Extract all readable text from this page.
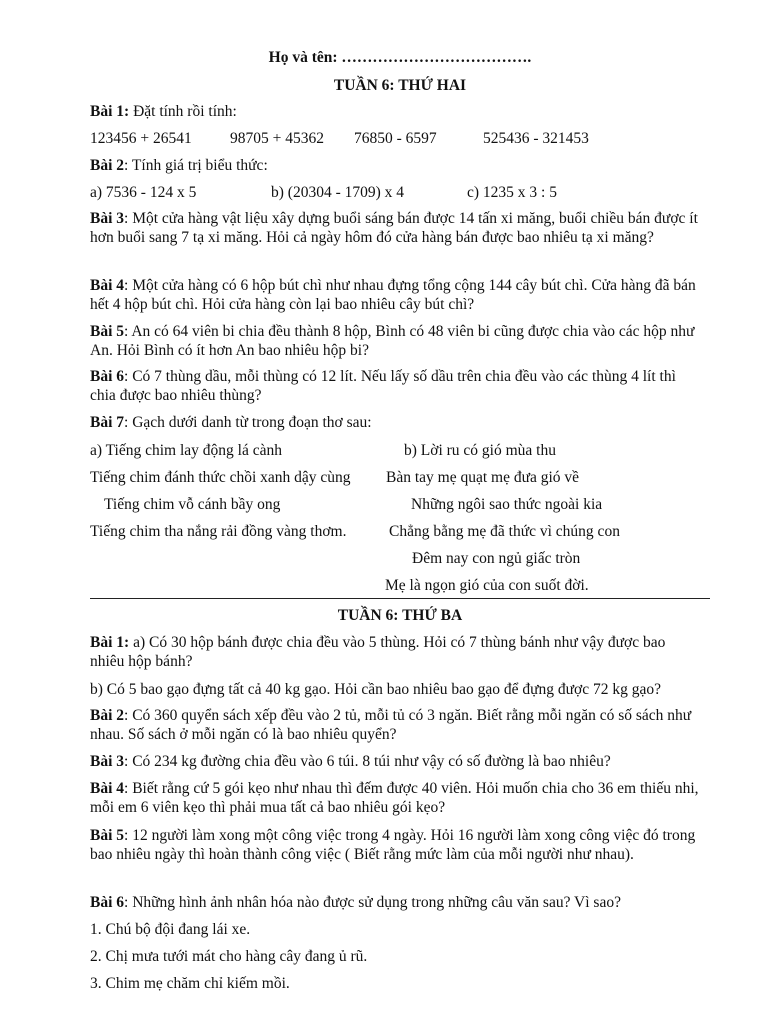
Họ và tên: ……………………………….
TUẦN 6: THỨ HAI
Bài 1: Đặt tính rồi tính:
123456 + 26541 98705 + 45362 76850 - 6597	525436 - 321453
Bài 2: Tính giá trị biểu thức:
a) 7536 - 124 x 5	b) (20304 - 1709) x 4	c) 1235 x 3 : 5
Bài 3: Một cửa hàng vật liệu xây dựng buổi sáng bán được 14 tấn xi măng, buổi chiều bán được ít hơn buổi sang 7 tạ xi măng. Hỏi cả ngày hôm đó cửa hàng bán được bao nhiêu tạ xi măng?
Bài 4: Một cửa hàng có 6 hộp bút chì như nhau đựng tổng cộng 144 cây bút chì. Cửa hàng đã bán hết 4 hộp bút chì. Hỏi cửa hàng còn lại bao nhiêu cây bút chì?
Bài 5: An có 64 viên bi chia đều thành 8 hộp, Bình có 48 viên bi cũng được chia vào các hộp như An. Hỏi Bình có ít hơn An bao nhiêu hộp bi?
Bài 6: Có 7 thùng dầu, mỗi thùng có 12 lít. Nếu lấy số dầu trên chia đều vào các thùng 4 lít thì chia được bao nhiêu thùng?
Bài 7: Gạch dưới danh từ trong đoạn thơ sau:
a) Tiếng chim lay động lá cành
Tiếng chim đánh thức chồi xanh dậy cùng
Tiếng chim vỗ cánh bầy ong
Tiếng chim tha nắng rải đồng vàng thơm.
b) Lời ru có gió mùa thu
Bàn tay mẹ quạt mẹ đưa gió về
Những ngôi sao thức ngoài kia
Chẳng bằng mẹ đã thức vì chúng con
Đêm nay con ngủ giấc tròn
Mẹ là ngọn gió của con suốt đời.
TUẦN 6: THỨ BA
Bài 1: a) Có 30 hộp bánh được chia đều vào 5 thùng. Hỏi có 7 thùng bánh như vậy được bao nhiêu hộp bánh?
b) Có 5 bao gạo đựng tất cả 40 kg gạo. Hỏi cần bao nhiêu bao gạo để đựng được 72 kg gạo?
Bài 2: Có 360 quyển sách xếp đều vào 2 tủ, mỗi tủ có 3 ngăn. Biết rằng mỗi ngăn có số sách như nhau. Số sách ở mỗi ngăn có là bao nhiêu quyển?
Bài 3: Có 234 kg đường chia đều vào 6 túi. 8 túi như vậy có số đường là bao nhiêu?
Bài 4: Biết rằng cứ 5 gói kẹo như nhau thì đếm được 40 viên. Hỏi muốn chia cho 36 em thiếu nhi, mỗi em 6 viên kẹo thì phải mua tất cả bao nhiêu gói kẹo?
Bài 5: 12 người làm xong một công việc trong 4 ngày. Hỏi 16 người làm xong công việc đó trong bao nhiêu ngày thì hoàn thành công việc ( Biết rằng mức làm của mỗi người như nhau).
Bài 6: Những hình ảnh nhân hóa nào được sử dụng trong những câu văn sau? Vì sao?
1. Chú bộ đội đang lái xe.
2. Chị mưa tưới mát cho hàng cây đang ủ rũ.
3. Chim mẹ chăm chỉ kiếm mồi.
